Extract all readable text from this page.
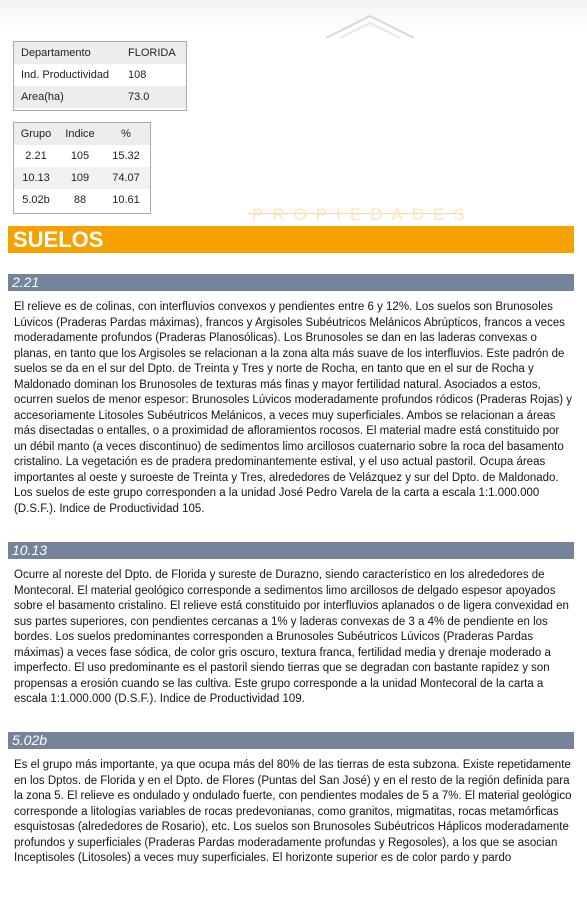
Departamento	FLORIDA
Ind. Productividad	108
Area(ha)	73.0
Grupo	Indice	%
2.21	105	15.32
10.13	109	74.07
5.02b	88	10.61
PROPIEDADES
SUELOS
2.21

El relieve es de colinas, con interfluvios convexos y pendientes entre 6 y 12%. Los suelos son Brunosoles Lúvicos (Praderas Pardas máximas), francos y Argisoles Subéutricos Melánicos Abrúpticos, francos a veces moderadamente profundos (Praderas Planosólicas). Los Brunosoles se dan en las laderas convexas o planas, en tanto que los Argisoles se relacionan a la zona alta más suave de los interfluvios. Este padrón de suelos se da en el sur del Dpto. de Treinta y Tres y norte de Rocha, en tanto que en el sur de Rocha y Maldonado dominan los Brunosoles de texturas más finas y mayor fertilidad natural. Asociados a estos, ocurren suelos de menor espesor: Brunosoles Lúvicos moderadamente profundos ródicos (Praderas Rojas) y accesoriamente Litosoles Subéutricos Melánicos, a veces muy superficiales. Ambos se relacionan a áreas más disectadas o entalles, o a proximidad de afloramientos rocosos. El material madre está constituido por un débil manto (a veces discontinuo) de sedimentos limo arcillosos cuaternario sobre la roca del basamento cristalino. La vegetación es de pradera predominantemente estival, y el uso actual pastoril. Ocupa áreas importantes al oeste y suroeste de Treinta y Tres, alrededores de Velázquez y sur del Dpto. de Maldonado. Los suelos de este grupo corresponden a la unidad José Pedro Varela de la carta a escala 1:1.000.000 (D.S.F.). Indice de Productividad 105.

10.13

Ocurre al noreste del Dpto. de Florida y sureste de Durazno, siendo característico en los alrededores de Montecoral. El material geológico corresponde a sedimentos limo arcillosos de delgado espesor apoyados sobre el basamento cristalino. El relieve está constituido por interfluvios aplanados o de ligera convexidad en sus partes superiores, con pendientes cercanas a 1% y laderas convexas de 3 a 4% de pendiente en los bordes. Los suelos predominantes corresponden a Brunosoles Subéutricos Lúvicos (Praderas Pardas máximas) a veces fase sódica, de color gris oscuro, textura franca, fertilidad media y drenaje moderado a imperfecto. El uso predominante es el pastoril siendo tierras que se degradan con bastante rapidez y son propensas a erosión cuando se las cultiva. Este grupo corresponde a la unidad Montecoral de la carta a escala 1:1.000.000 (D.S.F.). Indice de Productividad 109.

5.02b

Es el grupo más importante, ya que ocupa más del 80% de las tierras de esta subzona. Existe repetidamente en los Dptos. de Florida y en el Dpto. de Flores (Puntas del San José) y en el resto de la región definida para la zona 5. El relieve es ondulado y ondulado fuerte, con pendientes modales de 5 a 7%. El material geológico corresponde a litologías variables de rocas predevonianas, como granitos, migmatitas, rocas metamórficas esquistosas (alrededores de Rosario), etc. Los suelos son Brunosoles Subéutricos Háplicos moderadamente profundos y superficiales (Praderas Pardas moderadamente profundas y Regosoles), a los que se asocian Inceptisoles (Litosoles) a veces muy superficiales. El horizonte superior es de color pardo y pardo
